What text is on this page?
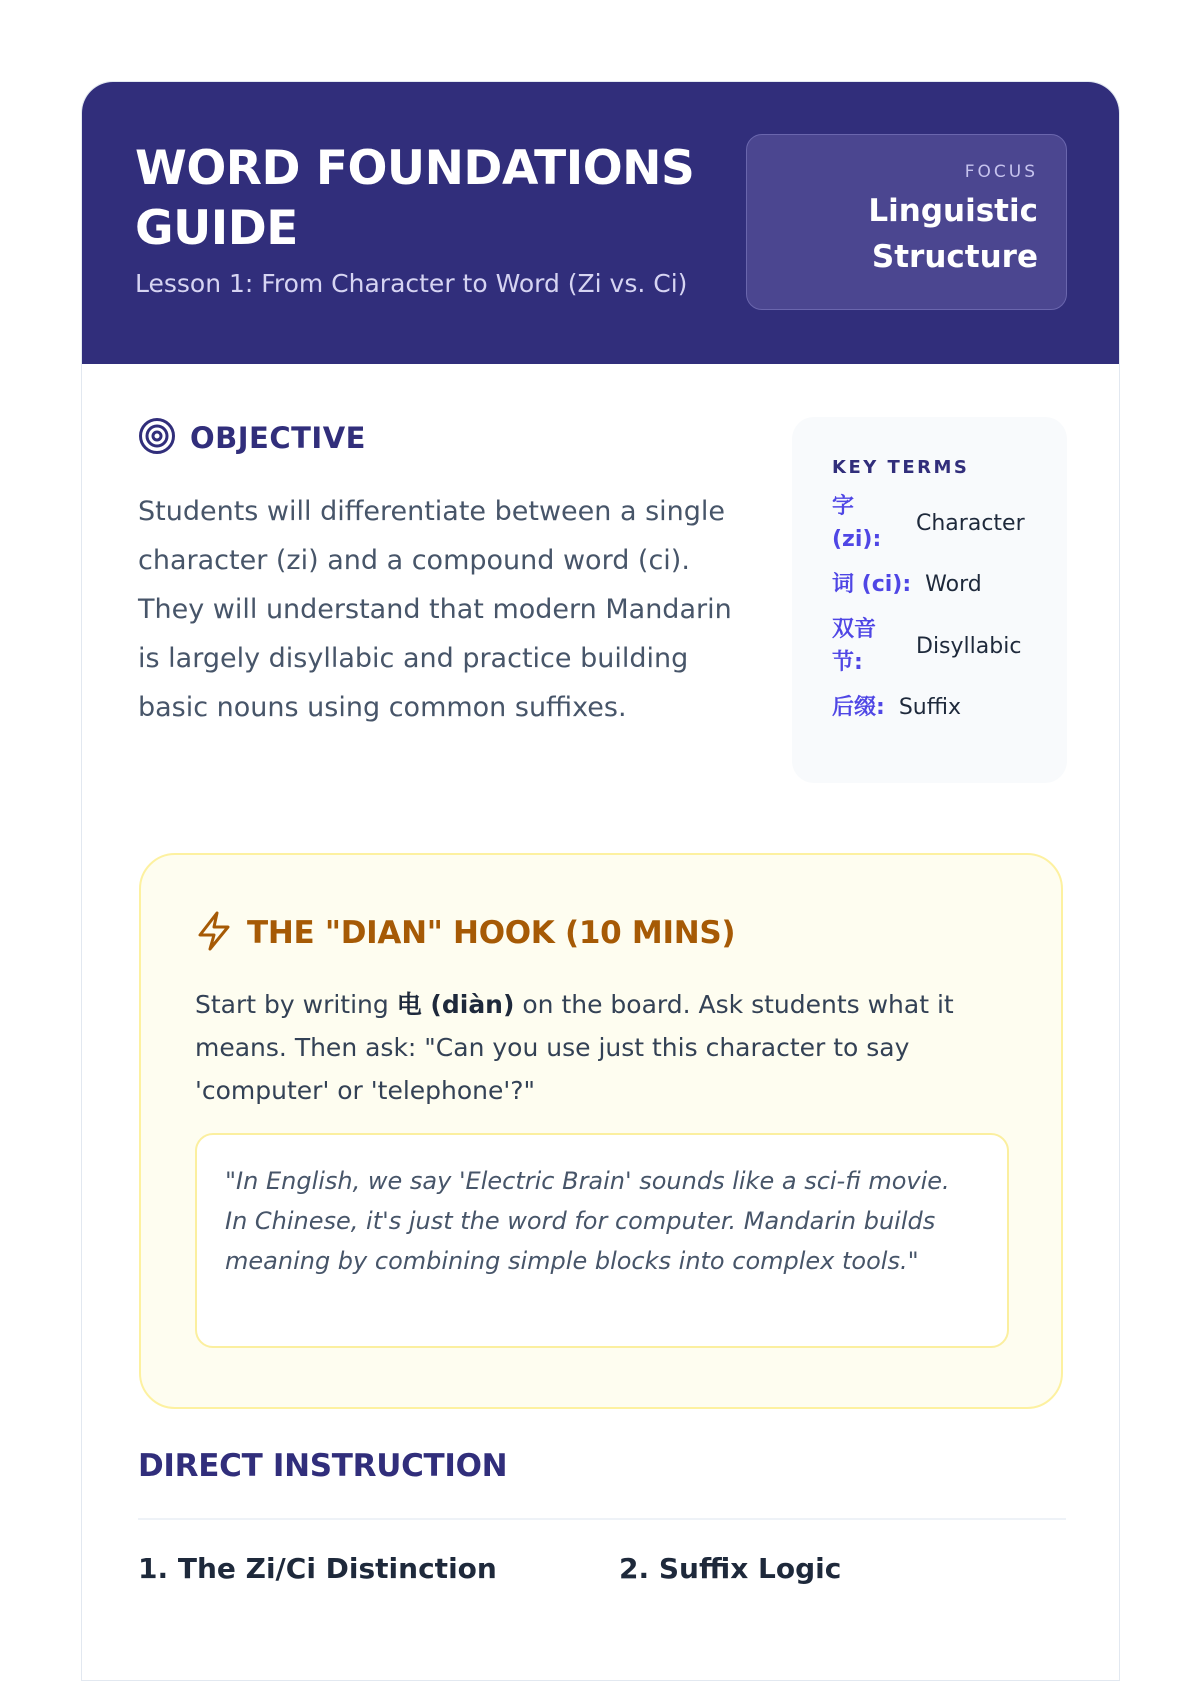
WORD FOUNDATIONS GUIDE

Lesson 1: From Character to Word (Zi vs. Ci)

FOCUS
Linguistic Structure
OBJECTIVE

Students will differentiate between a single character (zi) and a compound word (ci). They will understand that modern Mandarin is largely disyllabic and practice building basic nouns using common suffixes.

KEY TERMS
字 (zi):
Character
词 (ci): Word
双音节:
Disyllabic
后缀: Suffix
THE "DIAN" HOOK (10 MINS)

Start by writing 电 (diàn) on the board. Ask students what it means. Then ask: "Can you use just this character to say 'computer' or 'telephone'?"

"In English, we say 'Electric Brain' sounds like a sci-fi movie. In Chinese, it's just the word for computer. Mandarin builds meaning by combining simple blocks into complex tools."
DIRECT INSTRUCTION
1. The Zi/Ci Distinction	2. Suffix Logic
